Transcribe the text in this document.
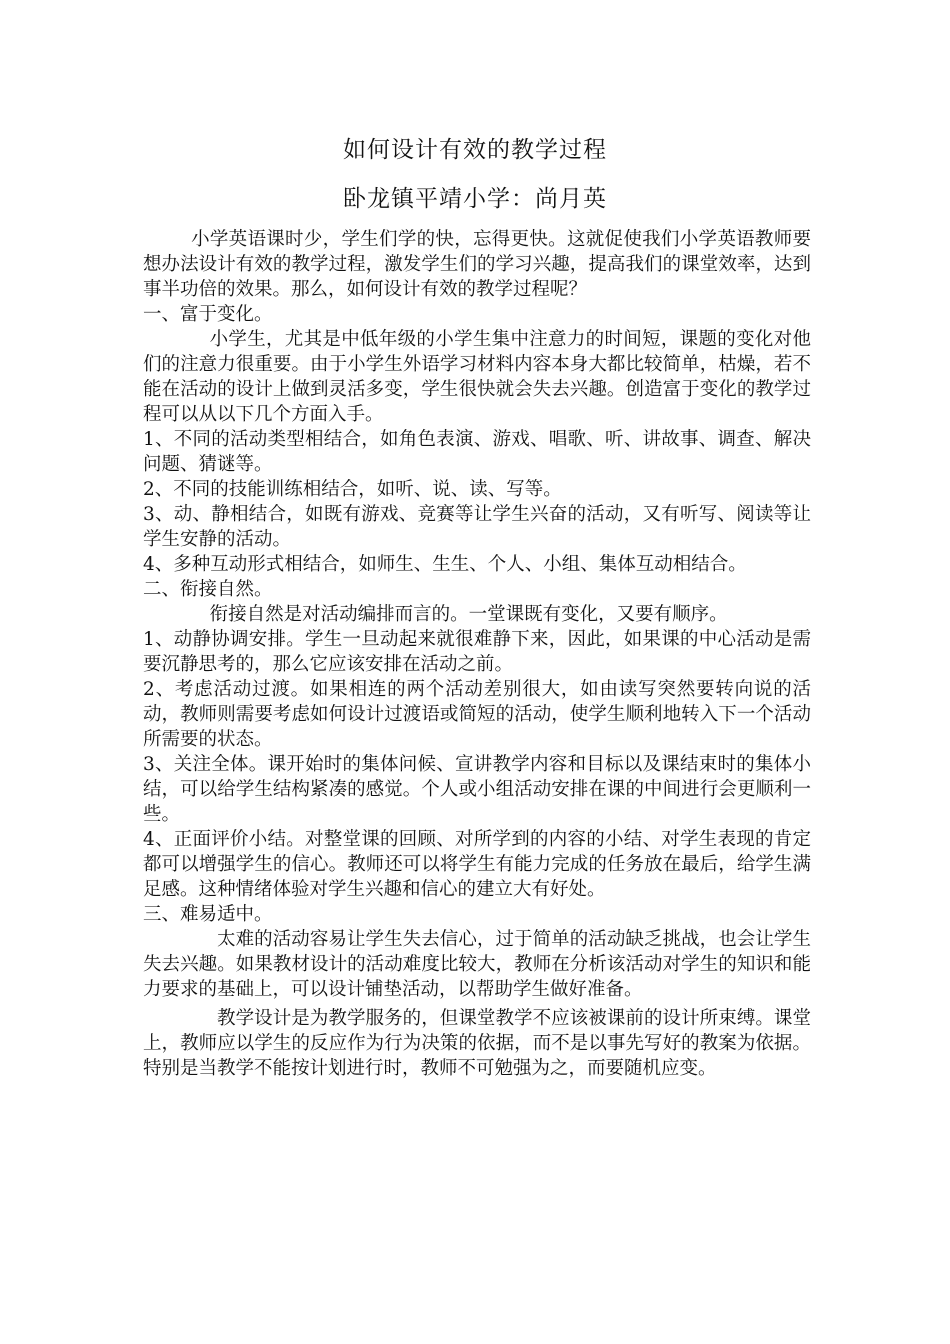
如何设计有效的教学过程
卧龙镇平靖小学：尚月英

小学英语课时少，学生们学的快，忘得更快。这就促使我们小学英语教师要想办法设计有效的教学过程，激发学生们的学习兴趣，提高我们的课堂效率，达到事半功倍的效果。那么，如何设计有效的教学过程呢？

一、富于变化。

小学生，尤其是中低年级的小学生集中注意力的时间短，课题的变化对他们的注意力很重要。由于小学生外语学习材料内容本身大都比较简单，枯燥，若不能在活动的设计上做到灵活多变，学生很快就会失去兴趣。创造富于变化的教学过程可以从以下几个方面入手。

1、不同的活动类型相结合，如角色表演、游戏、唱歌、听、讲故事、调查、解决问题、猜谜等。

2、不同的技能训练相结合，如听、说、读、写等。

3、动、静相结合，如既有游戏、竞赛等让学生兴奋的活动，又有听写、阅读等让学生安静的活动。

4、多种互动形式相结合，如师生、生生、个人、小组、集体互动相结合。

二、衔接自然。

衔接自然是对活动编排而言的。一堂课既有变化，又要有顺序。

1、动静协调安排。学生一旦动起来就很难静下来，因此，如果课的中心活动是需要沉静思考的，那么它应该安排在活动之前。

2、考虑活动过渡。如果相连的两个活动差别很大，如由读写突然要转向说的活动，教师则需要考虑如何设计过渡语或简短的活动，使学生顺利地转入下一个活动所需要的状态。

3、关注全体。课开始时的集体问候、宣讲教学内容和目标以及课结束时的集体小结，可以给学生结构紧凑的感觉。个人或小组活动安排在课的中间进行会更顺利一些。

4、正面评价小结。对整堂课的回顾、对所学到的内容的小结、对学生表现的肯定都可以增强学生的信心。教师还可以将学生有能力完成的任务放在最后，给学生满足感。这种情绪体验对学生兴趣和信心的建立大有好处。

三、难易适中。

太难的活动容易让学生失去信心，过于简单的活动缺乏挑战，也会让学生失去兴趣。如果教材设计的活动难度比较大，教师在分析该活动对学生的知识和能力要求的基础上，可以设计铺垫活动，以帮助学生做好准备。

教学设计是为教学服务的，但课堂教学不应该被课前的设计所束缚。课堂上，教师应以学生的反应作为行为决策的依据，而不是以事先写好的教案为依据。特别是当教学不能按计划进行时，教师不可勉强为之，而要随机应变。
